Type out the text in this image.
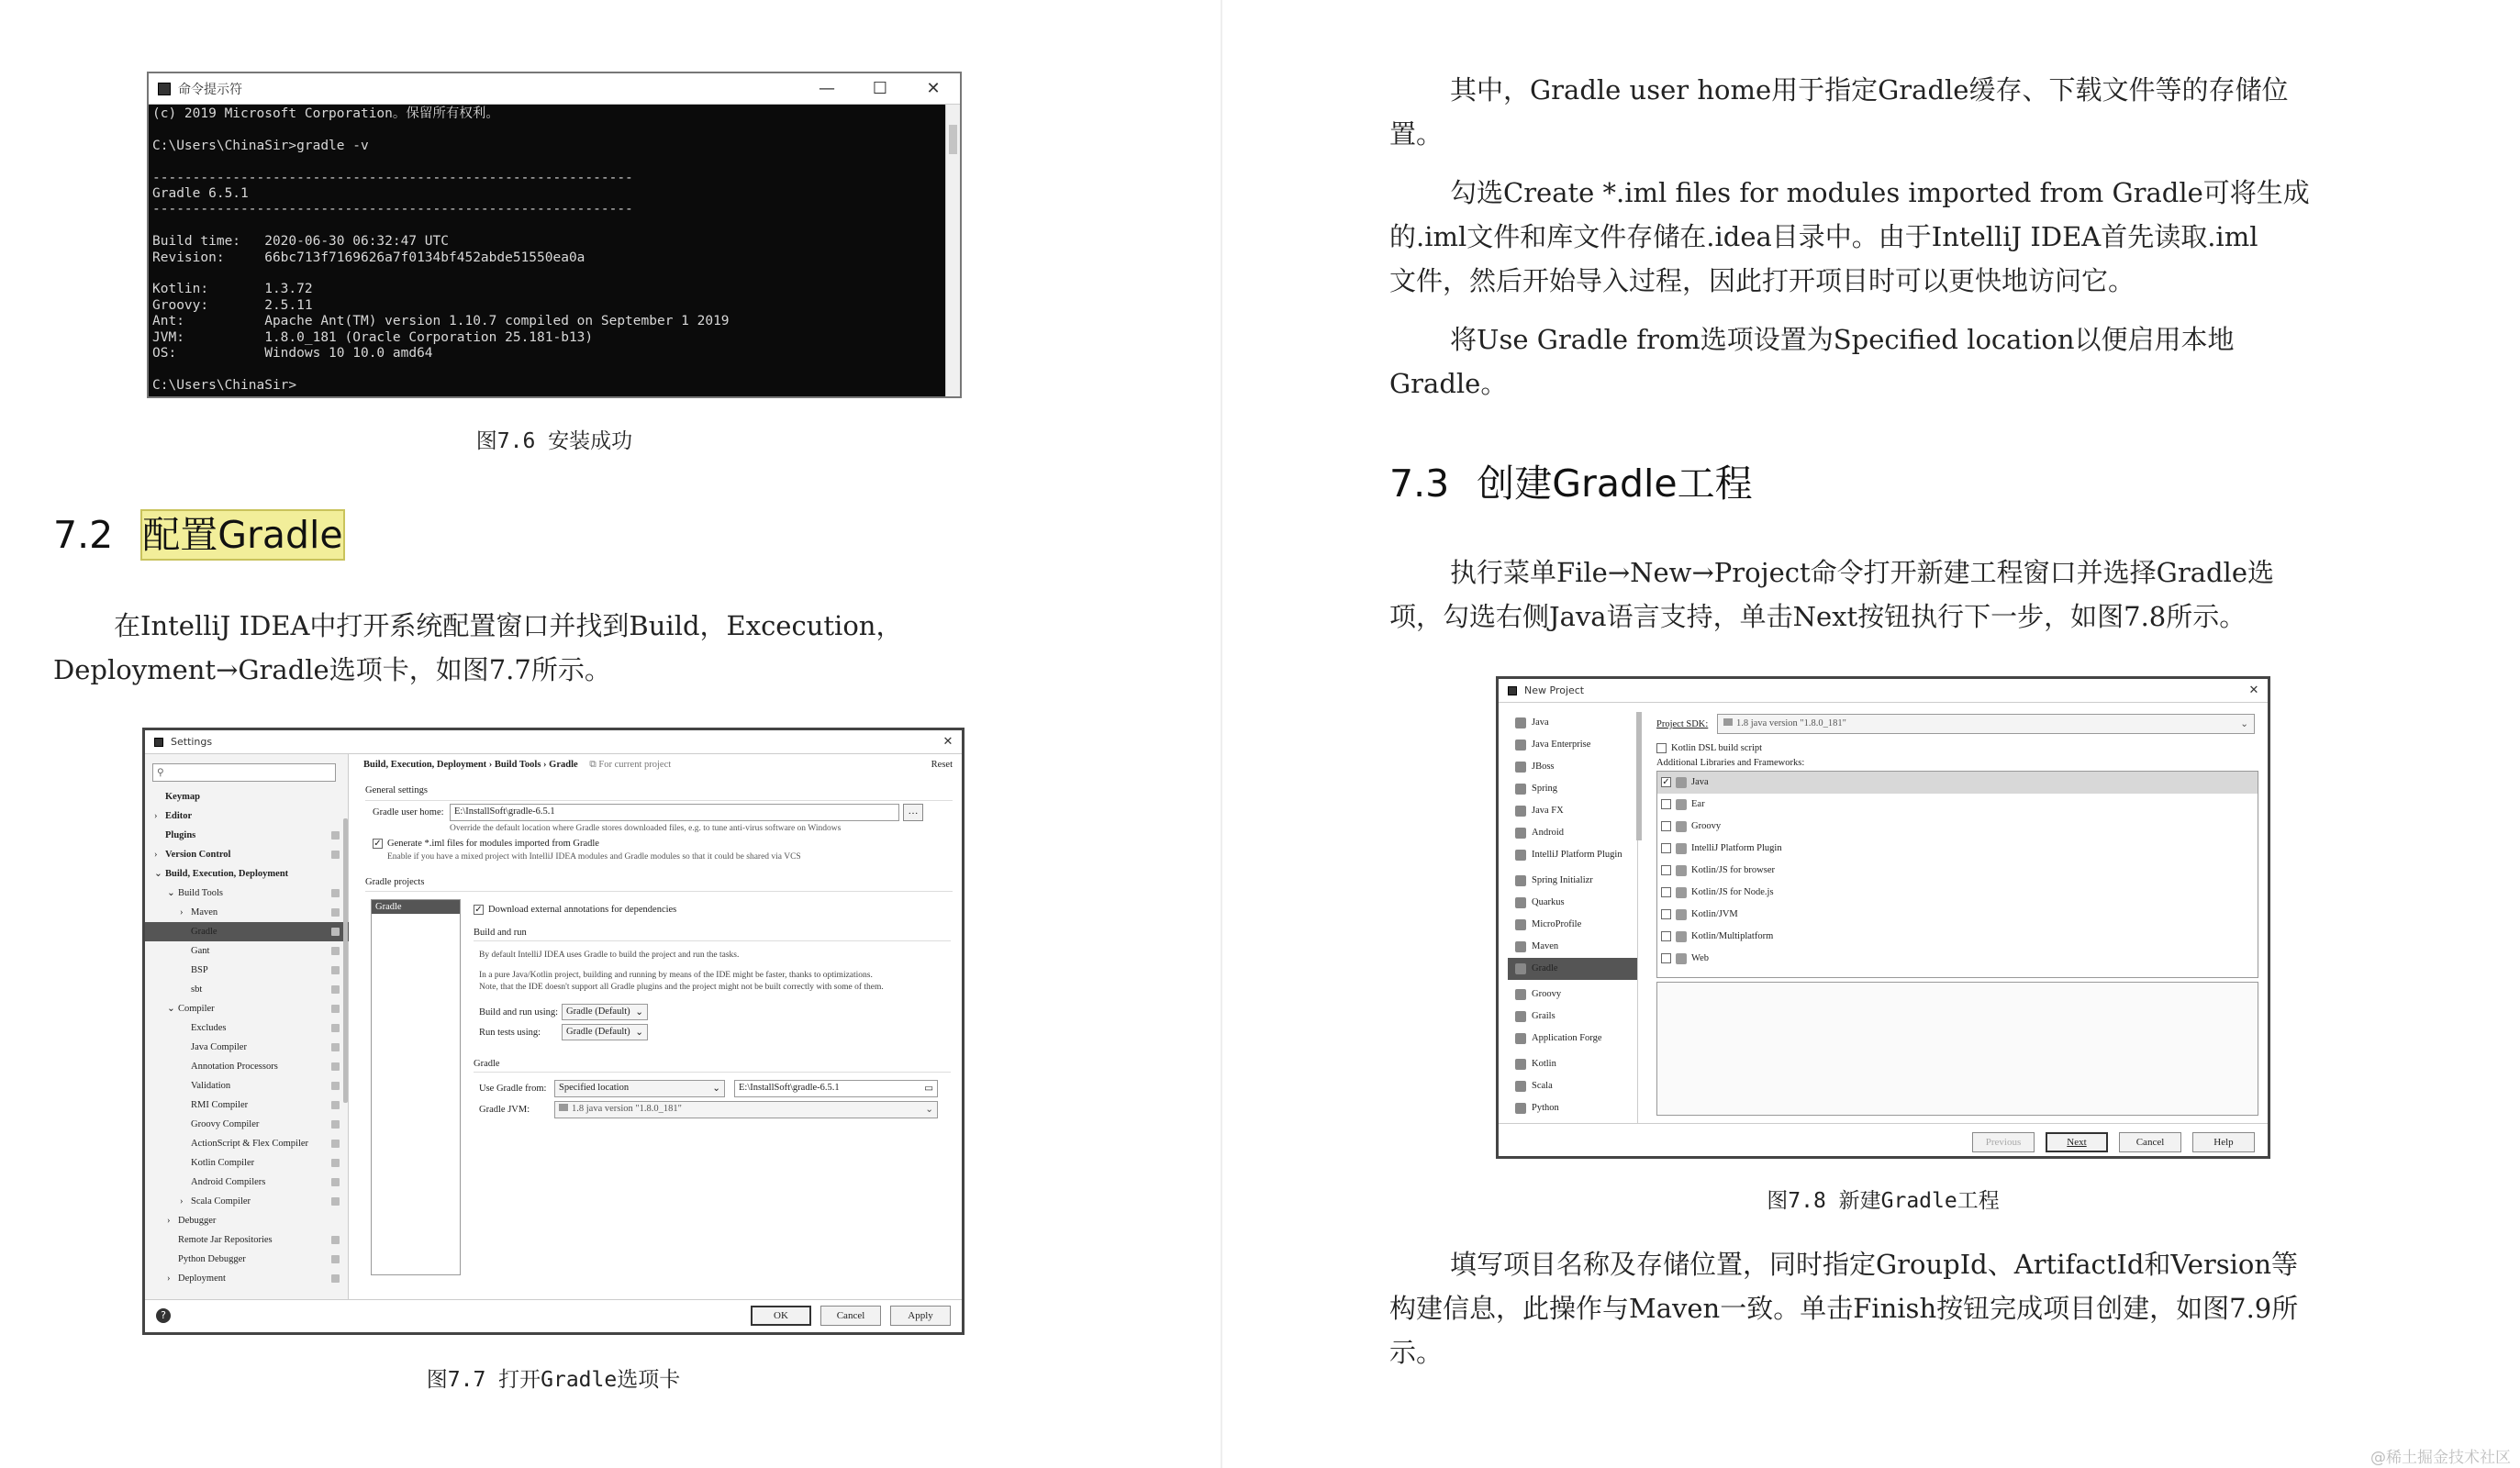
命令提示符	—	☐	✕
(c) 2019 Microsoft Corporation。保留所有权利。

C:\Users\ChinaSir>gradle -v

------------------------------------------------------------
Gradle 6.5.1
------------------------------------------------------------

Build time:   2020-06-30 06:32:47 UTC
Revision:     66bc713f7169626a7f0134bf452abde51550ea0a

Kotlin:       1.3.72
Groovy:       2.5.11
Ant:          Apache Ant(TM) version 1.10.7 compiled on September 1 2019
JVM:          1.8.0_181 (Oracle Corporation 25.181-b13)
OS:           Windows 10 10.0 amd64

C:\Users\ChinaSir>
图7.6 安装成功
7.2 配置Gradle
在IntelliJ IDEA中打开系统配置窗口并找到Build，Excecution，
Deployment→Gradle选项卡，如图7.7所示。
Settings	✕
⚲
Keymap
› Editor
Plugins
› Version Control
⌄ Build, Execution, Deployment
⌄ Build Tools
› Maven
Gradle
Gant
BSP
sbt
⌄ Compiler
Excludes
Java Compiler
Annotation Processors
Validation
RMI Compiler
Groovy Compiler
ActionScript & Flex Compiler
Kotlin Compiler
Android Compilers
› Scala Compiler
› Debugger
Remote Jar Repositories
Python Debugger
› Deployment
Build, Execution, Deployment › Build Tools › Gradle ⧉ For current project	Reset
General settings
Gradle user home:	E:\InstallSoft\gradle-6.5.1	…
Override the default location where Gradle stores downloaded files, e.g. to tune anti-virus software on Windows
✓ Generate *.iml files for modules imported from Gradle
Enable if you have a mixed project with IntelliJ IDEA modules and Gradle modules so that it could be shared via VCS
Gradle projects
Gradle	✓ Download external annotations for dependencies
Build and run
By default IntelliJ IDEA uses Gradle to build the project and run the tasks.
In a pure Java/Kotlin project, building and running by means of the IDE might be faster, thanks to optimizations.
Note, that the IDE doesn't support all Gradle plugins and the project might not be built correctly with some of them.
Build and run using: Gradle (Default) ⌄
Run tests using:	Gradle (Default) ⌄
Gradle
Use Gradle from:	Specified location	⌄	E:\InstallSoft\gradle-6.5.1	▭
Gradle JVM:	1.8 java version "1.8.0_181"	⌄
?	OK	Cancel	Apply
图7.7 打开Gradle选项卡
其中，Gradle user home用于指定Gradle缓存、下载文件等的存储位
置。
勾选Create *.iml files for modules imported from Gradle可将生成
的.iml文件和库文件存储在.idea目录中。由于IntelliJ IDEA首先读取.iml
文件，然后开始导入过程，因此打开项目时可以更快地访问它。
将Use Gradle from选项设置为Specified location以便启用本地
Gradle。
7.3 创建Gradle工程
执行菜单File→New→Project命令打开新建工程窗口并选择Gradle选
项，勾选右侧Java语言支持，单击Next按钮执行下一步，如图7.8所示。
New Project	✕
Java
Java Enterprise
JBoss
Spring
Java FX
Android
IntelliJ Platform Plugin
Spring Initializr
Quarkus
MicroProfile
Maven
Gradle
Groovy
Grails
Application Forge
Kotlin
Scala
Python
Project SDK:	1.8 java version "1.8.0_181"	⌄
Kotlin DSL build script
Additional Libraries and Frameworks:
✓ Java
Ear
Groovy
IntelliJ Platform Plugin
Kotlin/JS for browser
Kotlin/JS for Node.js
Kotlin/JVM
Kotlin/Multiplatform
Web
Previous	Next	Cancel	Help
图7.8 新建Gradle工程
填写项目名称及存储位置，同时指定GroupId、ArtifactId和Version等
构建信息，此操作与Maven一致。单击Finish按钮完成项目创建，如图7.9所
示。
@稀土掘金技术社区
